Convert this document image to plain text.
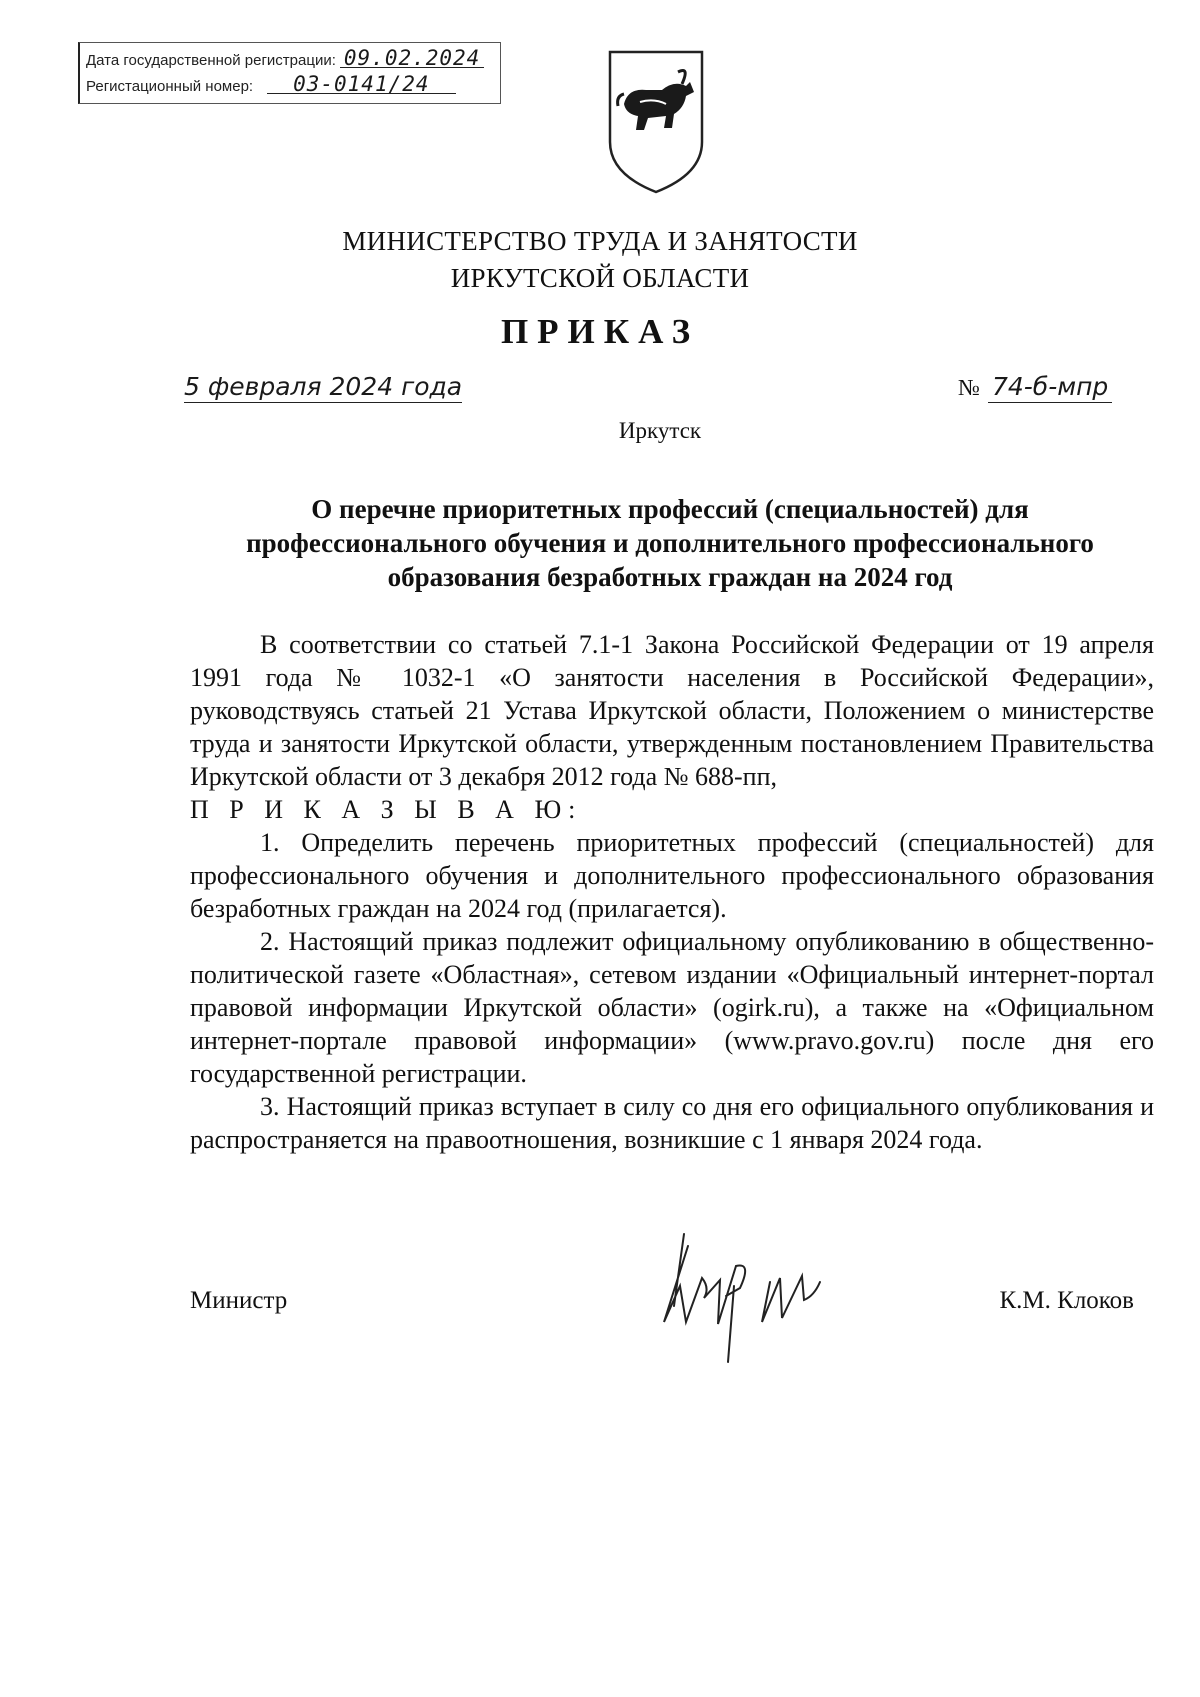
Дата государственной регистрации: 09.02.2024
Регистационный номер: 03-0141/24
МИНИСТЕРСТВО ТРУДА И ЗАНЯТОСТИ
ИРКУТСКОЙ ОБЛАСТИ
ПРИКАЗ
5 февраля 2024 года	№ 74-б-мпр
Иркутск
О перечне приоритетных профессий (специальностей) для профессионального обучения и дополнительного профессионального образования безработных граждан на 2024 год

В соответствии со статьей 7.1-1 Закона Российской Федерации от 19 апреля 1991 года № 1032-1 «О занятости населения в Российской Федерации», руководствуясь статьей 21 Устава Иркутской области, Положением о министерстве труда и занятости Иркутской области, утвержденным постановлением Правительства Иркутской области от 3 декабря 2012 года № 688-пп,

П Р И К А З Ы В А Ю:

1. Определить перечень приоритетных профессий (специальностей) для профессионального обучения и дополнительного профессионального образования безработных граждан на 2024 год (прилагается).

2. Настоящий приказ подлежит официальному опубликованию в общественно-политической газете «Областная», сетевом издании «Официальный интернет-портал правовой информации Иркутской области» (ogirk.ru), а также на «Официальном интернет-портале правовой информации» (www.pravo.gov.ru) после дня его государственной регистрации.

3. Настоящий приказ вступает в силу со дня его официального опубликования и распространяется на правоотношения, возникшие с 1 января 2024 года.

Министр	К.М. Клоков
